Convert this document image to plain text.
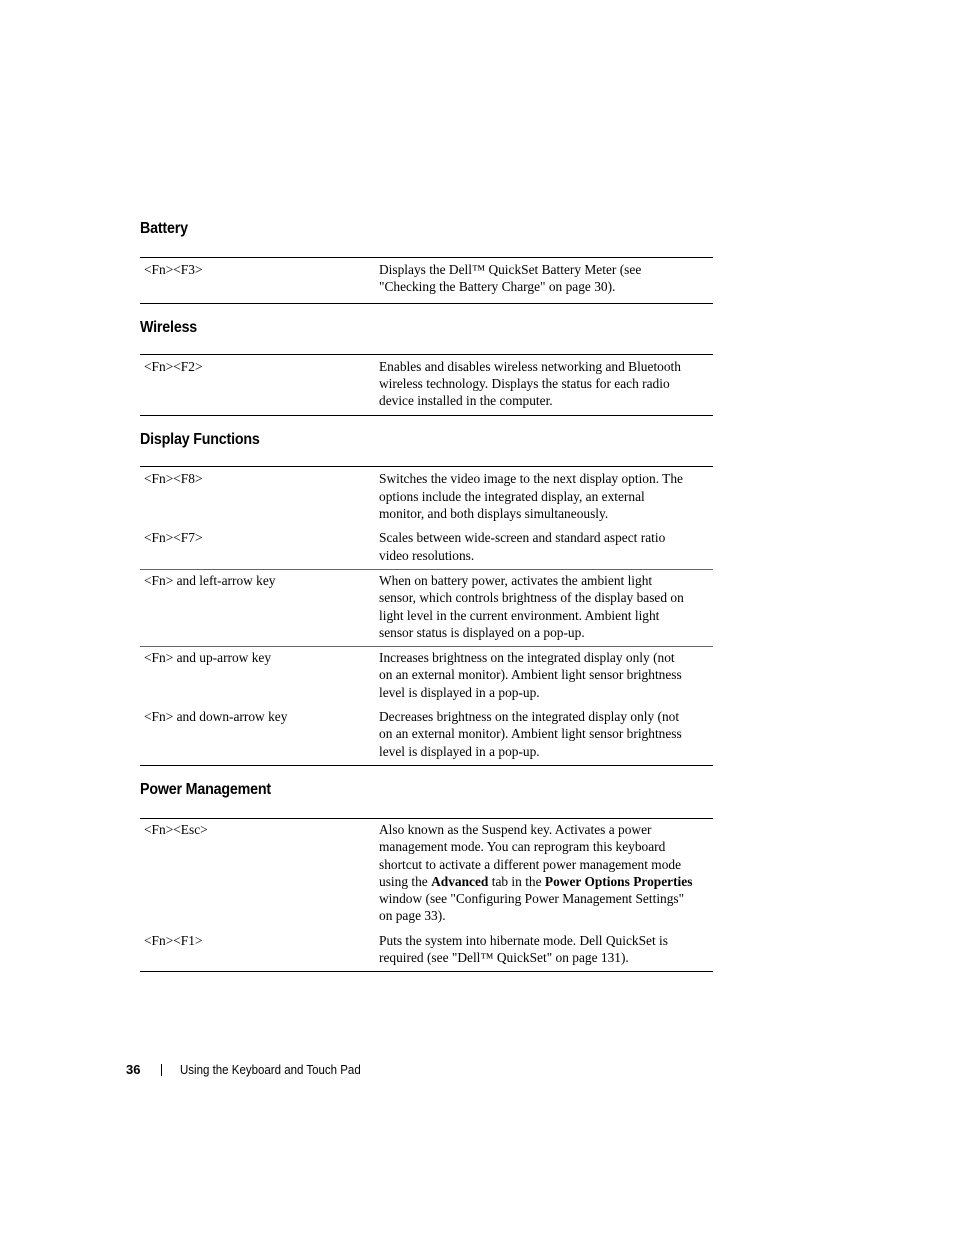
Battery
<Fn><F3>	Displays the Dell™ QuickSet Battery Meter (see
"Checking the Battery Charge" on page 30).
Wireless
<Fn><F2>	Enables and disables wireless networking and Bluetooth
wireless technology. Displays the status for each radio
device installed in the computer.
Display Functions
<Fn><F8>	Switches the video image to the next display option. The
options include the integrated display, an external
monitor, and both displays simultaneously.
<Fn><F7>	Scales between wide-screen and standard aspect ratio
video resolutions.
<Fn> and left-arrow key	When on battery power, activates the ambient light
sensor, which controls brightness of the display based on
light level in the current environment. Ambient light
sensor status is displayed on a pop-up.
<Fn> and up-arrow key	Increases brightness on the integrated display only (not
on an external monitor). Ambient light sensor brightness
level is displayed in a pop-up.
<Fn> and down-arrow key	Decreases brightness on the integrated display only (not
on an external monitor). Ambient light sensor brightness
level is displayed in a pop-up.
Power Management
<Fn><Esc>	Also known as the Suspend key. Activates a power
management mode. You can reprogram this keyboard
shortcut to activate a different power management mode
using the Advanced tab in the Power Options Properties
window (see "Configuring Power Management Settings"
on page 33).
<Fn><F1>	Puts the system into hibernate mode. Dell QuickSet is
required (see "Dell™ QuickSet" on page 131).
36	Using the Keyboard and Touch Pad
